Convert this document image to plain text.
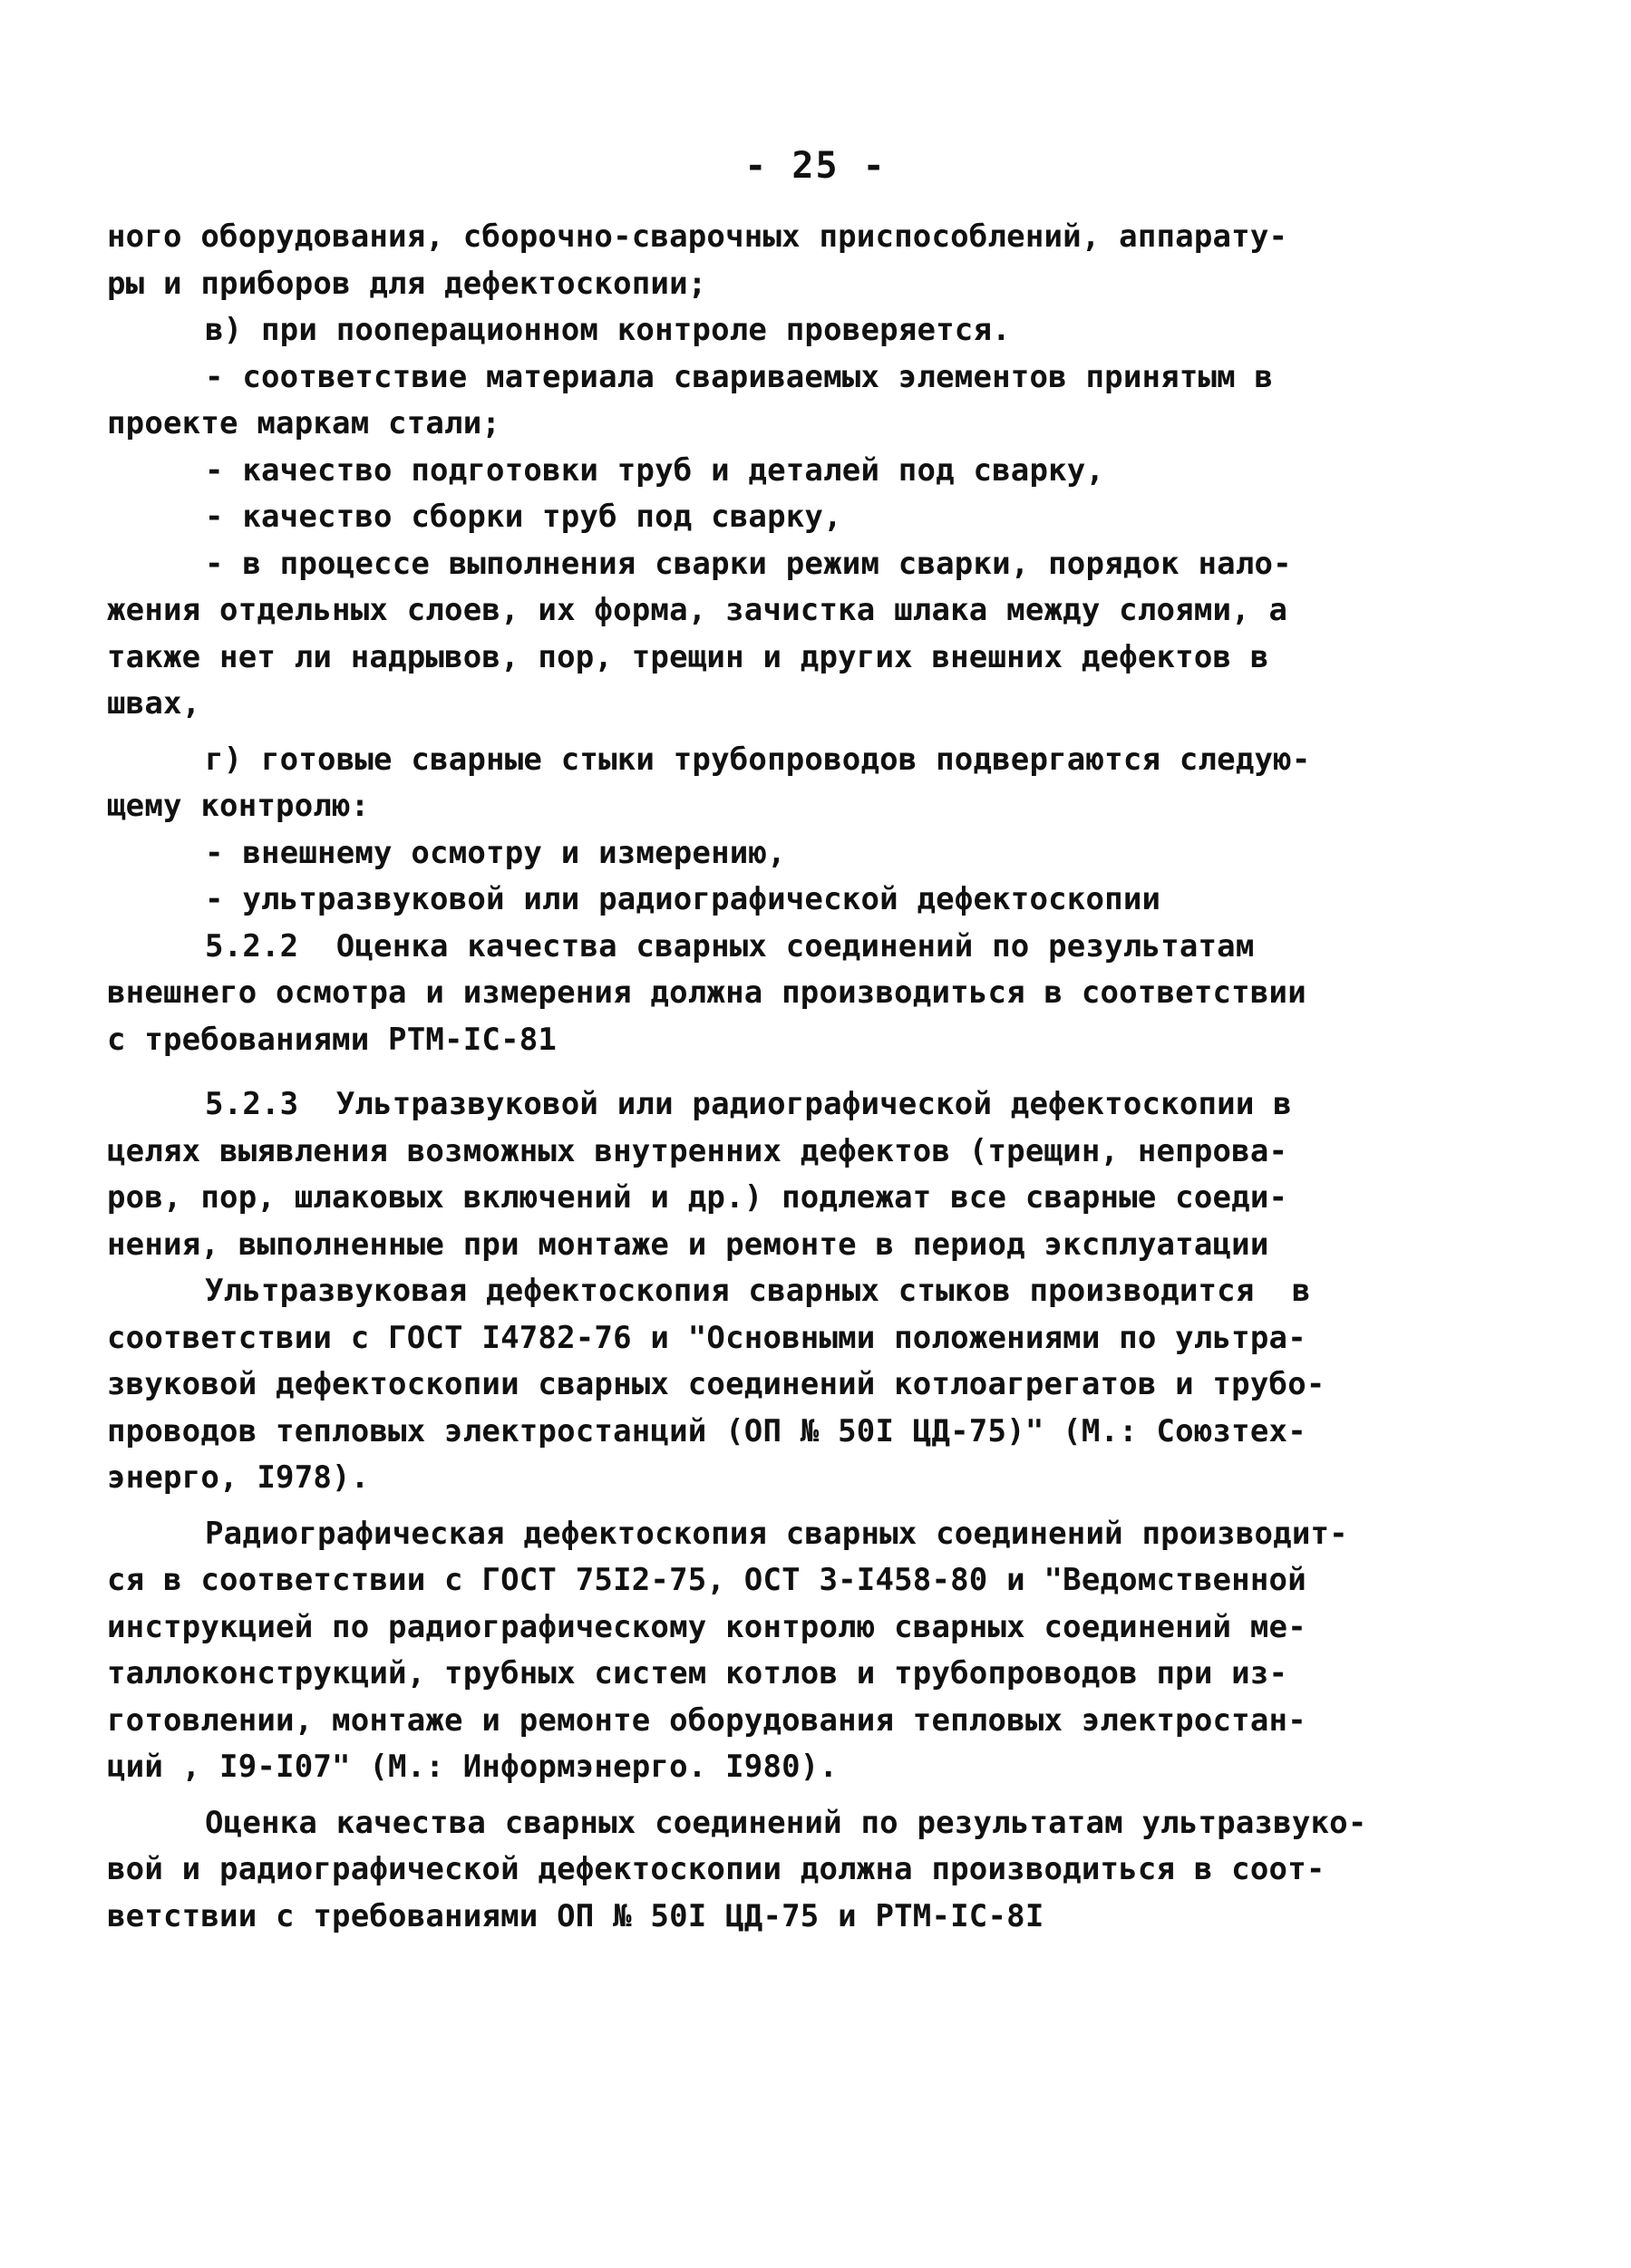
- 25 -
ного оборудования, сборочно-сварочных приспособлений, аппарату-
ры и приборов для дефектоскопии;
в) при пооперационном контроле проверяется.
- соответствие материала свариваемых элементов принятым в
проекте маркам стали;
- качество подготовки труб и деталей под сварку,
- качество сборки труб под сварку,
- в процессе выполнения сварки режим сварки, порядок нало-
жения отдельных слоев, их форма, зачистка шлака между слоями, а
также нет ли надрывов, пор, трещин и других внешних дефектов в
швах,
г) готовые сварные стыки трубопроводов подвергаются следую-
щему контролю:
- внешнему осмотру и измерению,
- ультразвуковой или радиографической дефектоскопии
5.2.2  Оценка качества сварных соединений по результатам
внешнего осмотра и измерения должна производиться в соответствии
с требованиями РТМ-IC-81
5.2.3  Ультразвуковой или радиографической дефектоскопии в
целях выявления возможных внутренних дефектов (трещин, непрова-
ров, пор, шлаковых включений и др.) подлежат все сварные соеди-
нения, выполненные при монтаже и ремонте в период эксплуатации
Ультразвуковая дефектоскопия сварных стыков производится  в
соответствии с ГОСТ I4782-76 и "Основными положениями по ультра-
звуковой дефектоскопии сварных соединений котлоагрегатов и трубо-
проводов тепловых электростанций (ОП № 50I ЦД-75)" (М.: Союзтех-
энерго, I978).
Радиографическая дефектоскопия сварных соединений производит-
ся в соответствии с ГОСТ 75I2-75, ОСТ 3-I458-80 и "Ведомственной
инструкцией по радиографическому контролю сварных соединений ме-
таллоконструкций, трубных систем котлов и трубопроводов при из-
готовлении, монтаже и ремонте оборудования тепловых электростан-
ций , I9-I07" (М.: Информэнерго. I980).
Оценка качества сварных соединений по результатам ультразвуко-
вой и радиографической дефектоскопии должна производиться в соот-
ветствии с требованиями ОП № 50I ЦД-75 и РТМ-IC-8I
